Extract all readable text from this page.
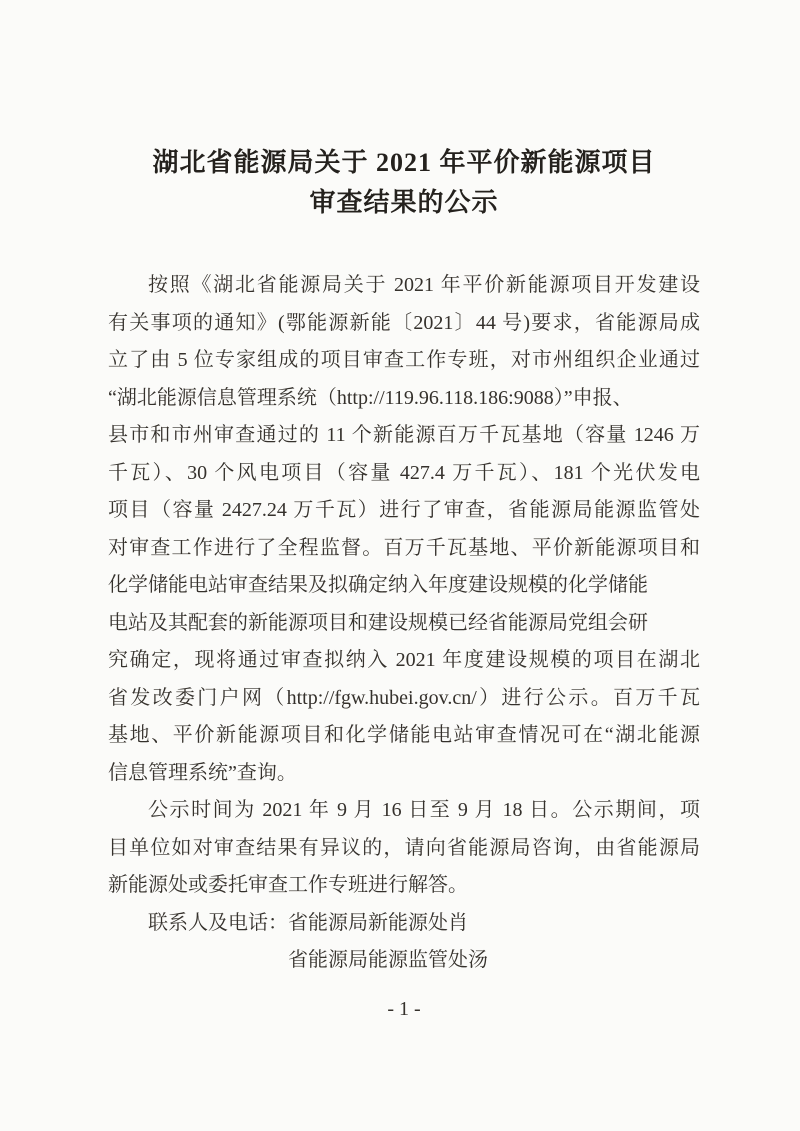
湖北省能源局关于 2021 年平价新能源项目
审查结果的公示

按照《湖北省能源局关于 2021 年平价新能源项目开发建设

有关事项的通知》(鄂能源新能〔2021〕44 号)要求，省能源局成

立了由 5 位专家组成的项目审查工作专班，对市州组织企业通过

“湖北能源信息管理系统（http://119.96.118.186:9088）”申报、

县市和市州审查通过的 11 个新能源百万千瓦基地（容量 1246 万

千瓦）、30 个风电项目（容量 427.4 万千瓦）、181 个光伏发电

项目（容量 2427.24 万千瓦）进行了审查，省能源局能源监管处

对审查工作进行了全程监督。百万千瓦基地、平价新能源项目和

化学储能电站审查结果及拟确定纳入年度建设规模的化学储能

电站及其配套的新能源项目和建设规模已经省能源局党组会研

究确定，现将通过审查拟纳入 2021 年度建设规模的项目在湖北

省发改委门户网（http://fgw.hubei.gov.cn/）进行公示。百万千瓦

基地、平价新能源项目和化学储能电站审查情况可在“湖北能源

信息管理系统”查询。

公示时间为 2021 年 9 月 16 日至 9 月 18 日。公示期间，项

目单位如对审查结果有异议的，请向省能源局咨询，由省能源局

新能源处或委托审查工作专班进行解答。

联系人及电话：省能源局新能源处肖

省能源局能源监管处汤

- 1 -
